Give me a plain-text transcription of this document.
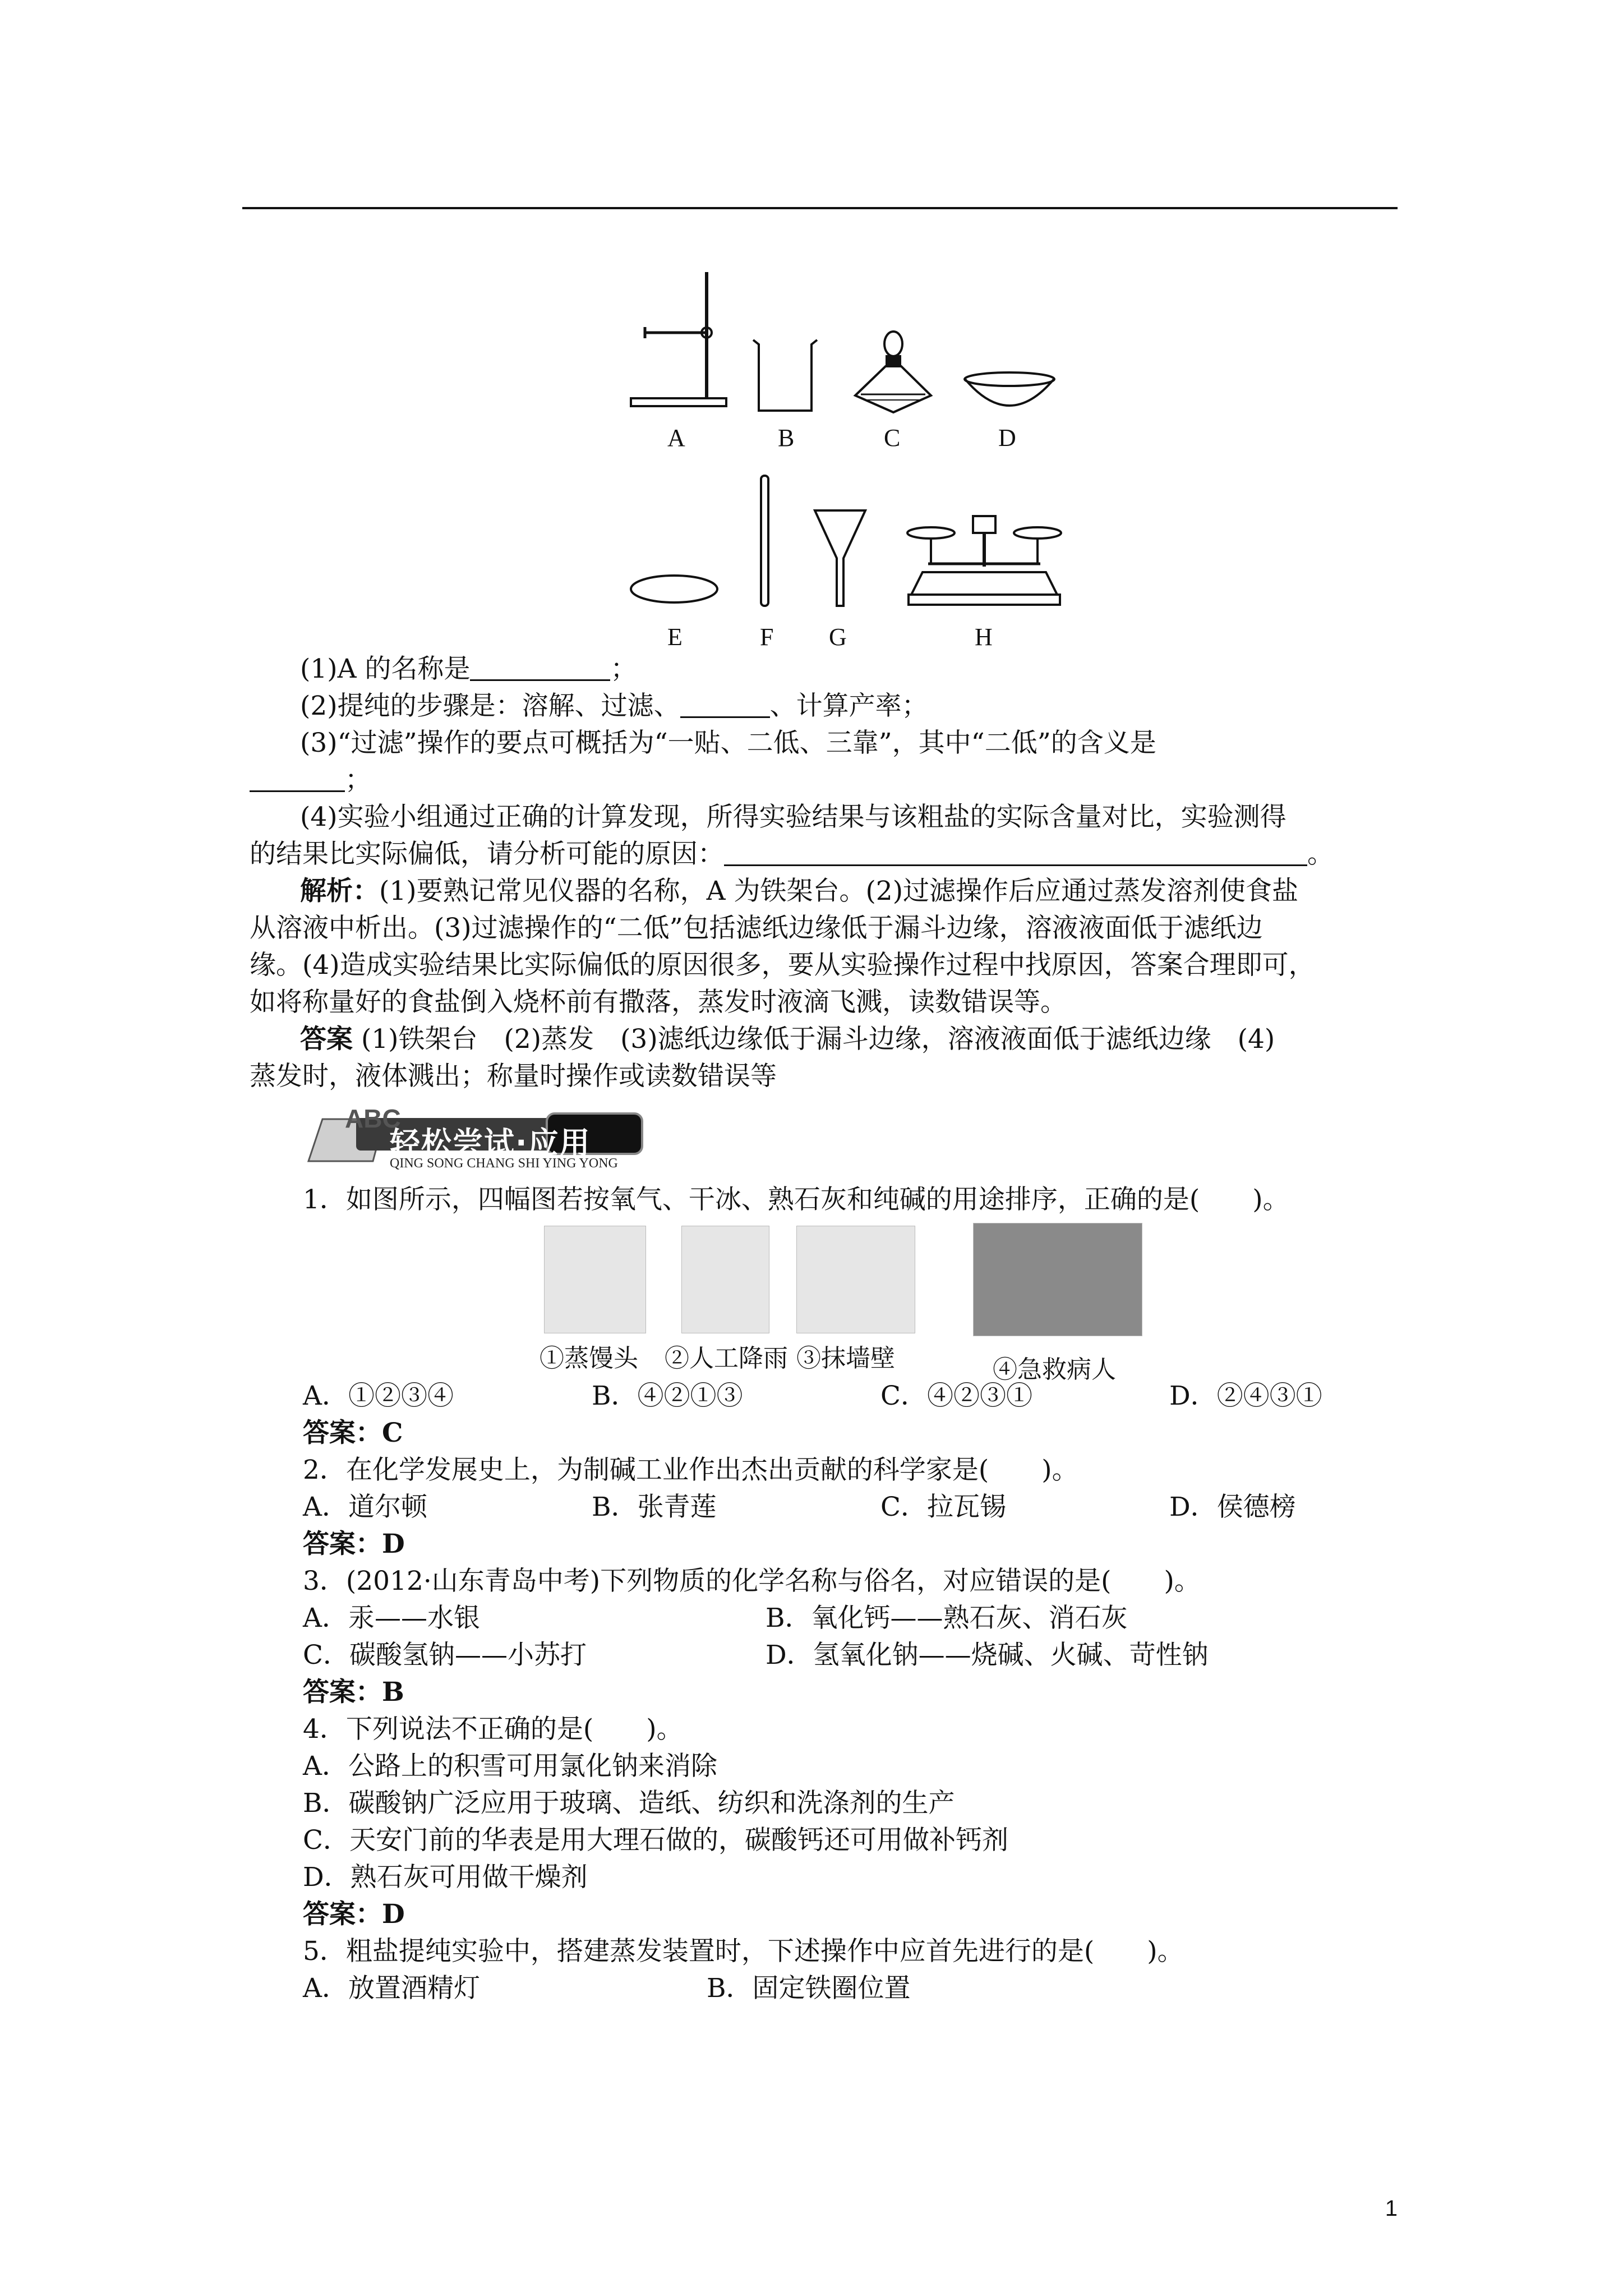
A	B	C	D
E	F G	H
(1)A 的名称是	；
(2)提纯的步骤是：溶解、过滤、	、计算产率；
(3)“过滤”操作的要点可概括为“一贴、二低、三靠”，其中“二低”的含义是
；
(4)实验小组通过正确的计算发现，所得实验结果与该粗盐的实际含量对比，实验测得
的结果比实际偏低，请分析可能的原因：	。
解析：(1)要熟记常见仪器的名称，A 为铁架台。(2)过滤操作后应通过蒸发溶剂使食盐
从溶液中析出。(3)过滤操作的“二低”包括滤纸边缘低于漏斗边缘，溶液液面低于滤纸边
缘。(4)造成实验结果比实际偏低的原因很多，要从实验操作过程中找原因，答案合理即可，
如将称量好的食盐倒入烧杯前有撒落，蒸发时液滴飞溅，读数错误等。
答案 (1)铁架台　(2)蒸发　(3)滤纸边缘低于漏斗边缘，溶液液面低于滤纸边缘　(4)
蒸发时，液体溅出；称量时操作或读数错误等
ABC
轻松尝试·应用
QING SONG CHANG SHI YING YONG
1．如图所示，四幅图若按氧气、干冰、熟石灰和纯碱的用途排序，正确的是(　　)。
①蒸馒头 ②人工降雨 ③抹墙壁	④急救病人
A．①②③④	B．④②①③	C．④②③①	D．②④③①
答案：C
2．在化学发展史上，为制碱工业作出杰出贡献的科学家是(　　)。
A．道尔顿	B．张青莲	C．拉瓦锡	D．侯德榜
答案：D
3．(2012·山东青岛中考)下列物质的化学名称与俗名，对应错误的是(　　)。
A．汞——水银	B．氧化钙——熟石灰、消石灰
C．碳酸氢钠——小苏打	D．氢氧化钠——烧碱、火碱、苛性钠
答案：B
4．下列说法不正确的是(　　)。
A．公路上的积雪可用氯化钠来消除
B．碳酸钠广泛应用于玻璃、造纸、纺织和洗涤剂的生产
C．天安门前的华表是用大理石做的，碳酸钙还可用做补钙剂
D．熟石灰可用做干燥剂
答案：D
5．粗盐提纯实验中，搭建蒸发装置时，下述操作中应首先进行的是(　　)。
A．放置酒精灯	B．固定铁圈位置
1
